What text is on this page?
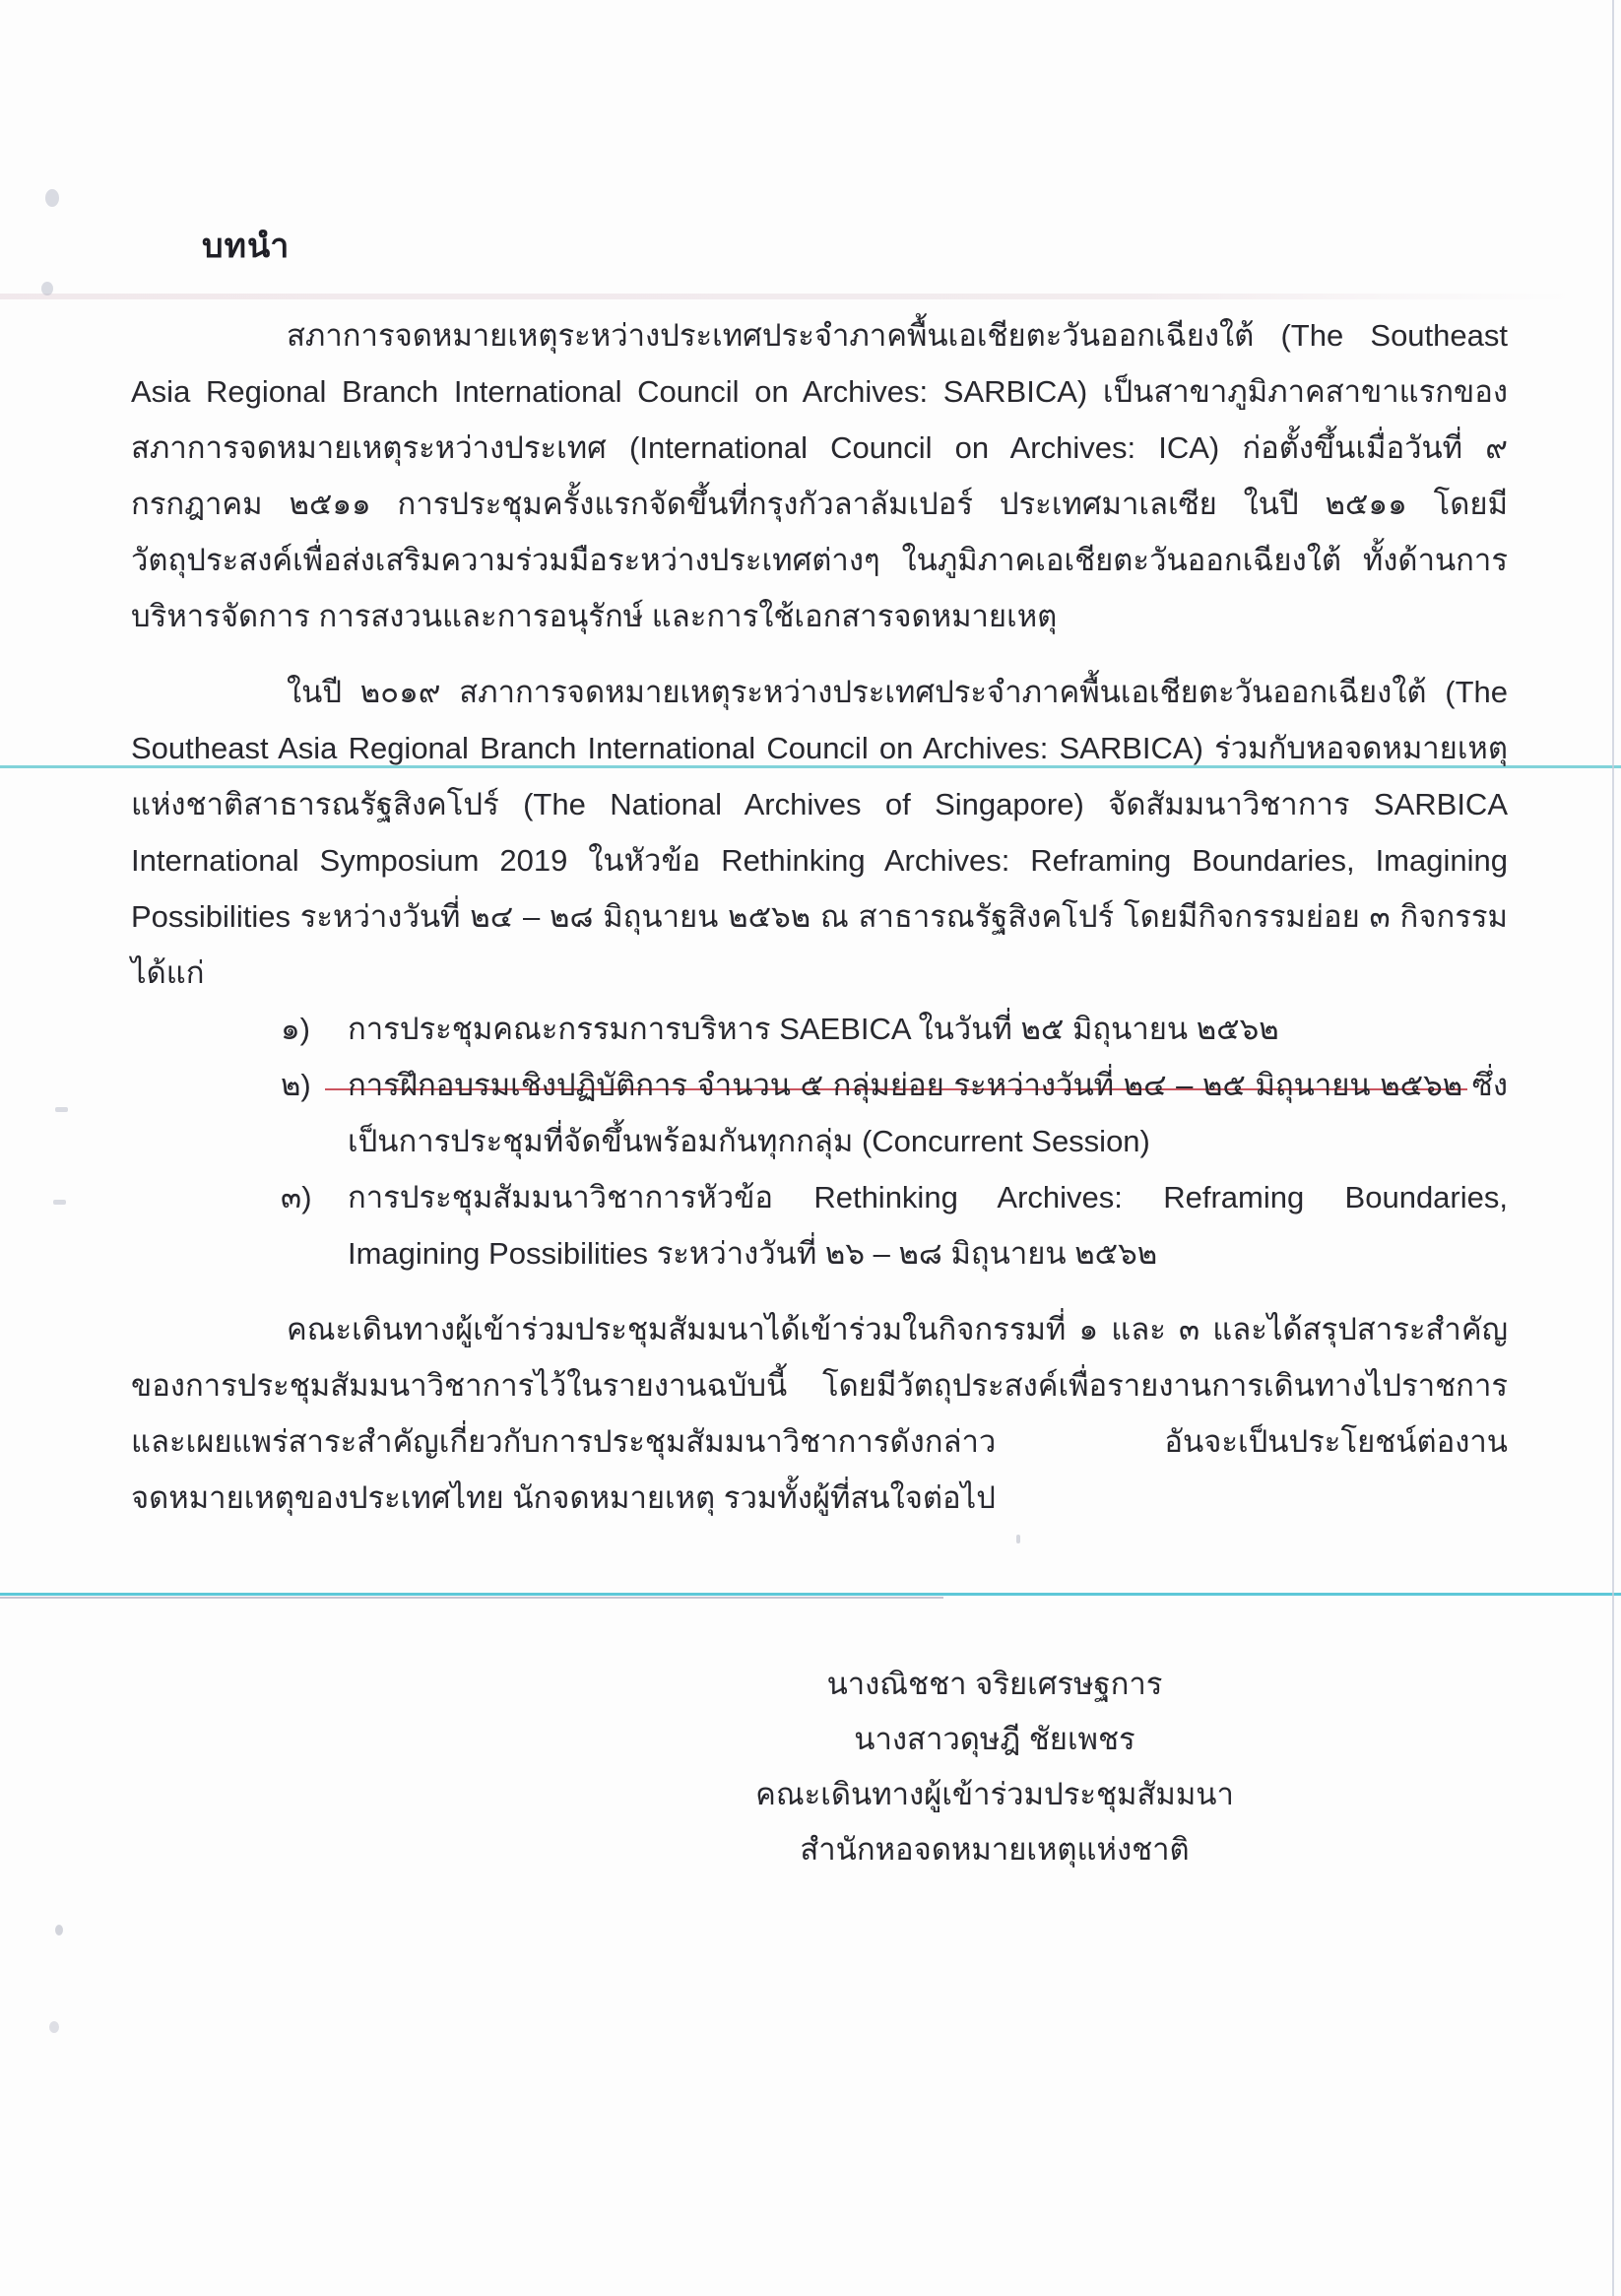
บทนำ

สภาการจดหมายเหตุระหว่างประเทศประจำภาคพื้นเอเชียตะวันออกเฉียงใต้ (The Southeast Asia Regional Branch International Council on Archives: SARBICA) เป็นสาขาภูมิภาคสาขาแรกของสภาการจดหมายเหตุระหว่างประเทศ (International Council on Archives: ICA) ก่อตั้งขึ้นเมื่อวันที่ ๙ กรกฎาคม ๒๕๑๑ การประชุมครั้งแรกจัดขึ้นที่กรุงกัวลาลัมเปอร์ ประเทศมาเลเซีย ในปี ๒๕๑๑ โดยมีวัตถุประสงค์เพื่อส่งเสริมความร่วมมือระหว่างประเทศต่างๆ ในภูมิภาคเอเชียตะวันออกเฉียงใต้ ทั้งด้านการบริหารจัดการ การสงวนและการอนุรักษ์ และการใช้เอกสารจดหมายเหตุ

ในปี ๒๐๑๙ สภาการจดหมายเหตุระหว่างประเทศประจำภาคพื้นเอเชียตะวันออกเฉียงใต้ (The Southeast Asia Regional Branch International Council on Archives: SARBICA) ร่วมกับหอจดหมายเหตุแห่งชาติสาธารณรัฐสิงคโปร์ (The National Archives of Singapore) จัดสัมมนาวิชาการ SARBICA International Symposium 2019 ในหัวข้อ Rethinking Archives: Reframing Boundaries, Imagining Possibilities ระหว่างวันที่ ๒๔ – ๒๘ มิถุนายน ๒๕๖๒ ณ สาธารณรัฐสิงคโปร์ โดยมีกิจกรรมย่อย ๓ กิจกรรม ได้แก่

๑) การประชุมคณะกรรมการบริหาร SAEBICA ในวันที่ ๒๕ มิถุนายน ๒๕๖๒
๒) การฝึกอบรมเชิงปฏิบัติการ จำนวน ๕ กลุ่มย่อย ระหว่างวันที่ ๒๔ – ๒๕ มิถุนายน ๒๕๖๒ ซึ่งเป็นการประชุมที่จัดขึ้นพร้อมกันทุกกลุ่ม (Concurrent Session)
๓) การประชุมสัมมนาวิชาการหัวข้อ Rethinking Archives: Reframing Boundaries, Imagining Possibilities ระหว่างวันที่ ๒๖ – ๒๘ มิถุนายน ๒๕๖๒

คณะเดินทางผู้เข้าร่วมประชุมสัมมนาได้เข้าร่วมในกิจกรรมที่ ๑ และ ๓ และได้สรุปสาระสำคัญของการประชุมสัมมนาวิชาการไว้ในรายงานฉบับนี้ โดยมีวัตถุประสงค์เพื่อรายงานการเดินทางไปราชการและเผยแพร่สาระสำคัญเกี่ยวกับการประชุมสัมมนาวิชาการดังกล่าว อันจะเป็นประโยชน์ต่องานจดหมายเหตุของประเทศไทย นักจดหมายเหตุ รวมทั้งผู้ที่สนใจต่อไป

นางณิชชา จริยเศรษฐการ
นางสาวดุษฎี ชัยเพชร
คณะเดินทางผู้เข้าร่วมประชุมสัมมนา
สำนักหอจดหมายเหตุแห่งชาติ
